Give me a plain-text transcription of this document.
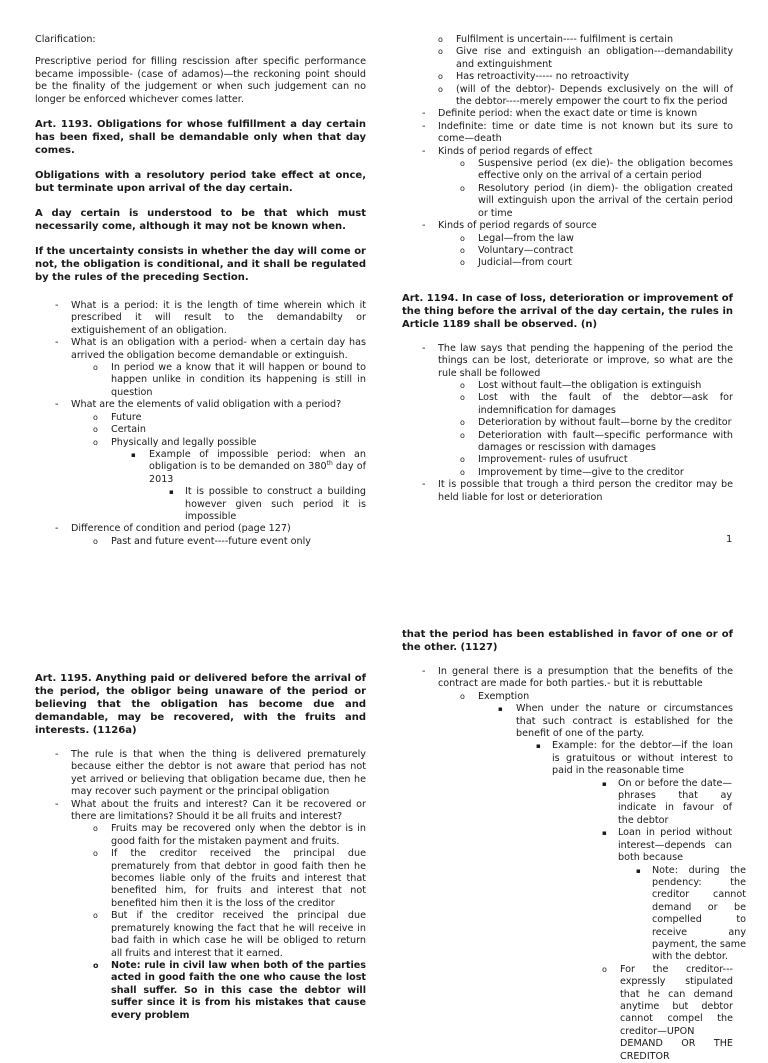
Clarification:

Prescriptive period for filling rescission after specific performance became impossible- (case of adamos)—the reckoning point should be the finality of the judgement or when such judgement can no longer be enforced whichever comes latter.

Art. 1193. Obligations for whose fulfillment a day certain has been fixed, shall be demandable only when that day comes.

Obligations with a resolutory period take effect at once, but terminate upon arrival of the day certain.

A day certain is understood to be that which must necessarily come, although it may not be known when.

If the uncertainty consists in whether the day will come or not, the obligation is conditional, and it shall be regulated by the rules of the preceding Section.

- What is a period: it is the length of time wherein which it prescribed it will result to the demandabilty or extiguishement of an obligation.
- What is an obligation with a period- when a certain day has arrived the obligation become demandable or extinguish.
o In period we a know that it will happen or bound to happen unlike in condition its happening is still in question
- What are the elements of valid obligation with a period?
o Future
o Certain
o Physically and legally possible
▪ Example of impossible period: when an obligation is to be demanded on 380th day of 2013
▪ It is possible to construct a building however given such period it is impossible
- Difference of condition and period (page 127)
o Past and future event----future event only
o Fulfilment is uncertain---- fulfilment is certain
o Give rise and extinguish an obligation---demandability and extinguishment
o Has retroactivity----- no retroactivity
o (will of the debtor)- Depends exclusively on the will of the debtor----merely empower the court to fix the period
- Definite period: when the exact date or time is known
- Indefinite: time or date time is not known but its sure to come—death
- Kinds of period regards of effect
o Suspensive period (ex die)- the obligation becomes effective only on the arrival of a certain period
o Resolutory period (in diem)- the obligation created will extinguish upon the arrival of the certain period or time
- Kinds of period regards of source
o Legal—from the law
o Voluntary—contract
o Judicial—from court

Art. 1194. In case of loss, deterioration or improvement of the thing before the arrival of the day certain, the rules in Article 1189 shall be observed. (n)

- The law says that pending the happening of the period the things can be lost, deteriorate or improve, so what are the rule shall be followed
o Lost without fault—the obligation is extinguish
o Lost with the fault of the debtor—ask for indemnification for damages
o Deterioration by without fault—borne by the creditor
o Deterioration with fault—specific performance with damages or rescission with damages
o Improvement- rules of usufruct
o Improvement by time—give to the creditor
- It is possible that trough a third person the creditor may be held liable for lost or deterioration
1

Art. 1195. Anything paid or delivered before the arrival of the period, the obligor being unaware of the period or believing that the obligation has become due and demandable, may be recovered, with the fruits and interests. (1126a)

- The rule is that when the thing is delivered prematurely because either the debtor is not aware that period has not yet arrived or believing that obligation became due, then he may recover such payment or the principal obligation
- What about the fruits and interest? Can it be recovered or there are limitations? Should it be all fruits and interest?
o Fruits may be recovered only when the debtor is in good faith for the mistaken payment and fruits.
o If the creditor received the principal due prematurely from that debtor in good faith then he becomes liable only of the fruits and interest that benefited him, for fruits and interest that not benefited him then it is the loss of the creditor
o But if the creditor received the principal due prematurely knowing the fact that he will receive in bad faith in which case he will be obliged to return all fruits and interest that it earned.
o Note: rule in civil law when both of the parties acted in good faith the one who cause the lost shall suffer. So in this case the debtor will suffer since it is from his mistakes that cause every problem

that the period has been established in favor of one or of the other. (1127)

- In general there is a presumption that the benefits of the contract are made for both parties.- but it is rebuttable
o Exemption
▪ When under the nature or circumstances that such contract is established for the benefit of one of the party.
▪ Example: for the debtor—if the loan is gratuitous or without interest to paid in the reasonable time
▪ On or before the date—phrases that ay indicate in favour of the debtor
▪ Loan in period without interest—depends can both because
▪ Note: during the pendency: the creditor cannot demand or be compelled to receive any payment, the same with the debtor.
o For the creditor--- expressly stipulated that he can demand anytime but debtor cannot compel the creditor—UPON DEMAND OR THE CREDITOR
